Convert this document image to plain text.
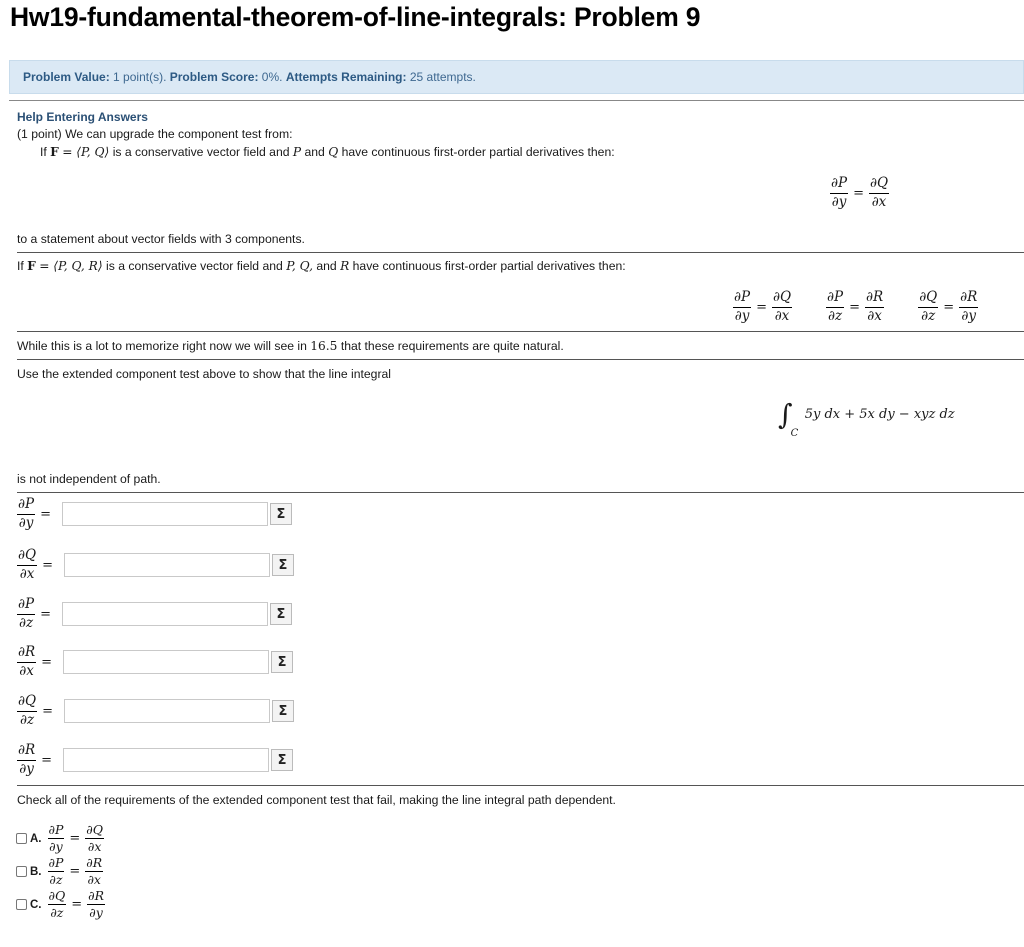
Hw19-fundamental-theorem-of-line-integrals: Problem 9
Problem Value: 1 point(s). Problem Score: 0%. Attempts Remaining: 25 attempts.
Help Entering Answers
(1 point) We can upgrade the component test from:
If F = ⟨P, Q⟩ is a conservative vector field and P and Q have continuous first-order partial derivatives then:
$\frac{\partial P}{\partial y} = \frac{\partial Q}{\partial x}$
to a statement about vector fields with 3 components.
If F = ⟨P, Q, R⟩ is a conservative vector field and P, Q, and R have continuous first-order partial derivatives then:
$\frac{\partial P}{\partial y} = \frac{\partial Q}{\partial x}$	$\frac{\partial P}{\partial z} = \frac{\partial R}{\partial x}$	$\frac{\partial Q}{\partial z} = \frac{\partial R}{\partial y}$
While this is a lot to memorize right now we will see in 16.5 that these requirements are quite natural.
Use the extended component test above to show that the line integral
$\int_C$ $^{5y dx + 5x dy - xyz dz}$
is not independent of path.
$\frac{\partial P}{\partial y}$ =	Σ
$\frac{\partial Q}{\partial x}$ =	Σ
$\frac{\partial P}{\partial z}$ =	Σ
$\frac{\partial R}{\partial x}$ =	Σ
$\frac{\partial Q}{\partial z}$ =	Σ
$\frac{\partial R}{\partial y}$ =	Σ
Check all of the requirements of the extended component test that fail, making the line integral path dependent.
A. $\frac{\partial P}{\partial y} = \frac{\partial Q}{\partial x}$
B. $\frac{\partial P}{\partial z} = \frac{\partial R}{\partial x}$
C. $\frac{\partial Q}{\partial z} = \frac{\partial R}{\partial y}$
